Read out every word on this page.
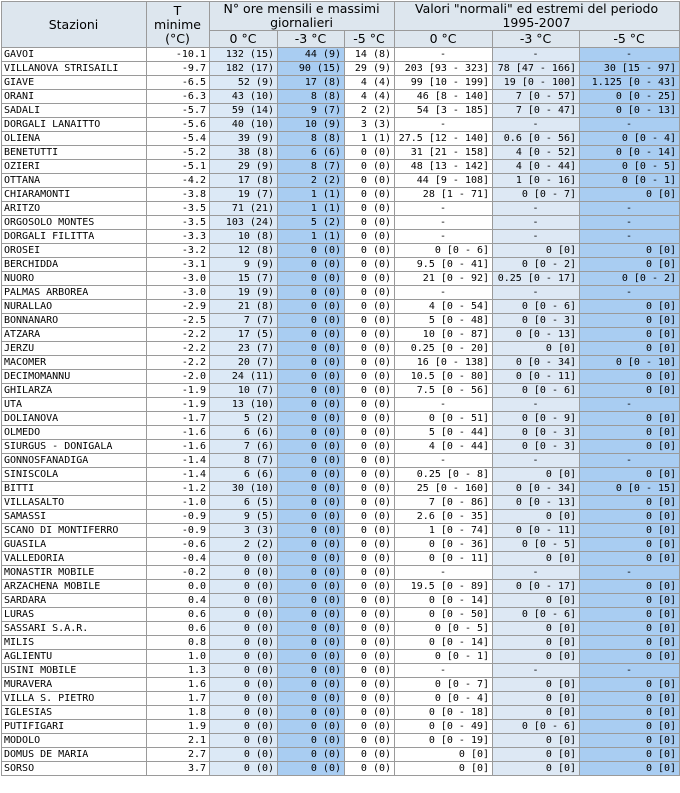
Stazioni	T minime (°C)	N° ore mensili e massimi giornalieri			Valori "normali" ed estremi del periodo 1995-2007		
		0 °C	-3 °C	-5 °C	0 °C	-3 °C	-5 °C
GAVOI	-10.1	132 (15)	44 (9)	14 (8)	-	-	-
VILLANOVA STRISAILI	-9.7	182 (17)	90 (15)	29 (9)	203 [93 - 323]	78 [47 - 166]	30 [15 - 97]
GIAVE	-6.5	52 (9)	17 (8)	4 (4)	99 [10 - 199]	19 [0 - 100]	1.125 [0 - 43]
ORANI	-6.3	43 (10)	8 (8)	4 (4)	46 [8 - 140]	7 [0 - 57]	0 [0 - 25]
SADALI	-5.7	59 (14)	9 (7)	2 (2)	54 [3 - 185]	7 [0 - 47]	0 [0 - 13]
DORGALI LANAITTO	-5.6	40 (10)	10 (9)	3 (3)	-	-	-
OLIENA	-5.4	39 (9)	8 (8)	1 (1)	27.5 [12 - 140]	0.6 [0 - 56]	0 [0 - 4]
BENETUTTI	-5.2	38 (8)	6 (6)	0 (0)	31 [21 - 158]	4 [0 - 52]	0 [0 - 14]
OZIERI	-5.1	29 (9)	8 (7)	0 (0)	48 [13 - 142]	4 [0 - 44]	0 [0 - 5]
OTTANA	-4.2	17 (8)	2 (2)	0 (0)	44 [9 - 108]	1 [0 - 16]	0 [0 - 1]
CHIARAMONTI	-3.8	19 (7)	1 (1)	0 (0)	28 [1 - 71]	0 [0 - 7]	0 [0]
ARITZO	-3.5	71 (21)	1 (1)	0 (0)	-	-	-
ORGOSOLO MONTES	-3.5	103 (24)	5 (2)	0 (0)	-	-	-
DORGALI FILITTA	-3.3	10 (8)	1 (1)	0 (0)	-	-	-
OROSEI	-3.2	12 (8)	0 (0)	0 (0)	0 [0 - 6]	0 [0]	0 [0]
BERCHIDDA	-3.1	9 (9)	0 (0)	0 (0)	9.5 [0 - 41]	0 [0 - 2]	0 [0]
NUORO	-3.0	15 (7)	0 (0)	0 (0)	21 [0 - 92]	0.25 [0 - 17]	0 [0 - 2]
PALMAS ARBOREA	-3.0	19 (9)	0 (0)	0 (0)	-	-	-
NURALLAO	-2.9	21 (8)	0 (0)	0 (0)	4 [0 - 54]	0 [0 - 6]	0 [0]
BONNANARO	-2.5	7 (7)	0 (0)	0 (0)	5 [0 - 48]	0 [0 - 3]	0 [0]
ATZARA	-2.2	17 (5)	0 (0)	0 (0)	10 [0 - 87]	0 [0 - 13]	0 [0]
JERZU	-2.2	23 (7)	0 (0)	0 (0)	0.25 [0 - 20]	0 [0]	0 [0]
MACOMER	-2.2	20 (7)	0 (0)	0 (0)	16 [0 - 138]	0 [0 - 34]	0 [0 - 10]
DECIMOMANNU	-2.0	24 (11)	0 (0)	0 (0)	10.5 [0 - 80]	0 [0 - 11]	0 [0]
GHILARZA	-1.9	10 (7)	0 (0)	0 (0)	7.5 [0 - 56]	0 [0 - 6]	0 [0]
UTA	-1.9	13 (10)	0 (0)	0 (0)	-	-	-
DOLIANOVA	-1.7	5 (2)	0 (0)	0 (0)	0 [0 - 51]	0 [0 - 9]	0 [0]
OLMEDO	-1.6	6 (6)	0 (0)	0 (0)	5 [0 - 44]	0 [0 - 3]	0 [0]
SIURGUS - DONIGALA	-1.6	7 (6)	0 (0)	0 (0)	4 [0 - 44]	0 [0 - 3]	0 [0]
GONNOSFANADIGA	-1.4	8 (7)	0 (0)	0 (0)	-	-	-
SINISCOLA	-1.4	6 (6)	0 (0)	0 (0)	0.25 [0 - 8]	0 [0]	0 [0]
BITTI	-1.2	30 (10)	0 (0)	0 (0)	25 [0 - 160]	0 [0 - 34]	0 [0 - 15]
VILLASALTO	-1.0	6 (5)	0 (0)	0 (0)	7 [0 - 86]	0 [0 - 13]	0 [0]
SAMASSI	-0.9	9 (5)	0 (0)	0 (0)	2.6 [0 - 35]	0 [0]	0 [0]
SCANO DI MONTIFERRO	-0.9	3 (3)	0 (0)	0 (0)	1 [0 - 74]	0 [0 - 11]	0 [0]
GUASILA	-0.6	2 (2)	0 (0)	0 (0)	0 [0 - 36]	0 [0 - 5]	0 [0]
VALLEDORIA	-0.4	0 (0)	0 (0)	0 (0)	0 [0 - 11]	0 [0]	0 [0]
MONASTIR MOBILE	-0.2	0 (0)	0 (0)	0 (0)	-	-	-
ARZACHENA MOBILE	0.0	0 (0)	0 (0)	0 (0)	19.5 [0 - 89]	0 [0 - 17]	0 [0]
SARDARA	0.4	0 (0)	0 (0)	0 (0)	0 [0 - 14]	0 [0]	0 [0]
LURAS	0.6	0 (0)	0 (0)	0 (0)	0 [0 - 50]	0 [0 - 6]	0 [0]
SASSARI S.A.R.	0.6	0 (0)	0 (0)	0 (0)	0 [0 - 5]	0 [0]	0 [0]
MILIS	0.8	0 (0)	0 (0)	0 (0)	0 [0 - 14]	0 [0]	0 [0]
AGLIENTU	1.0	0 (0)	0 (0)	0 (0)	0 [0 - 1]	0 [0]	0 [0]
USINI MOBILE	1.3	0 (0)	0 (0)	0 (0)	-	-	-
MURAVERA	1.6	0 (0)	0 (0)	0 (0)	0 [0 - 7]	0 [0]	0 [0]
VILLA S. PIETRO	1.7	0 (0)	0 (0)	0 (0)	0 [0 - 4]	0 [0]	0 [0]
IGLESIAS	1.8	0 (0)	0 (0)	0 (0)	0 [0 - 18]	0 [0]	0 [0]
PUTIFIGARI	1.9	0 (0)	0 (0)	0 (0)	0 [0 - 49]	0 [0 - 6]	0 [0]
MODOLO	2.1	0 (0)	0 (0)	0 (0)	0 [0 - 19]	0 [0]	0 [0]
DOMUS DE MARIA	2.7	0 (0)	0 (0)	0 (0)	0 [0]	0 [0]	0 [0]
SORSO	3.7	0 (0)	0 (0)	0 (0)	0 [0]	0 [0]	0 [0]
